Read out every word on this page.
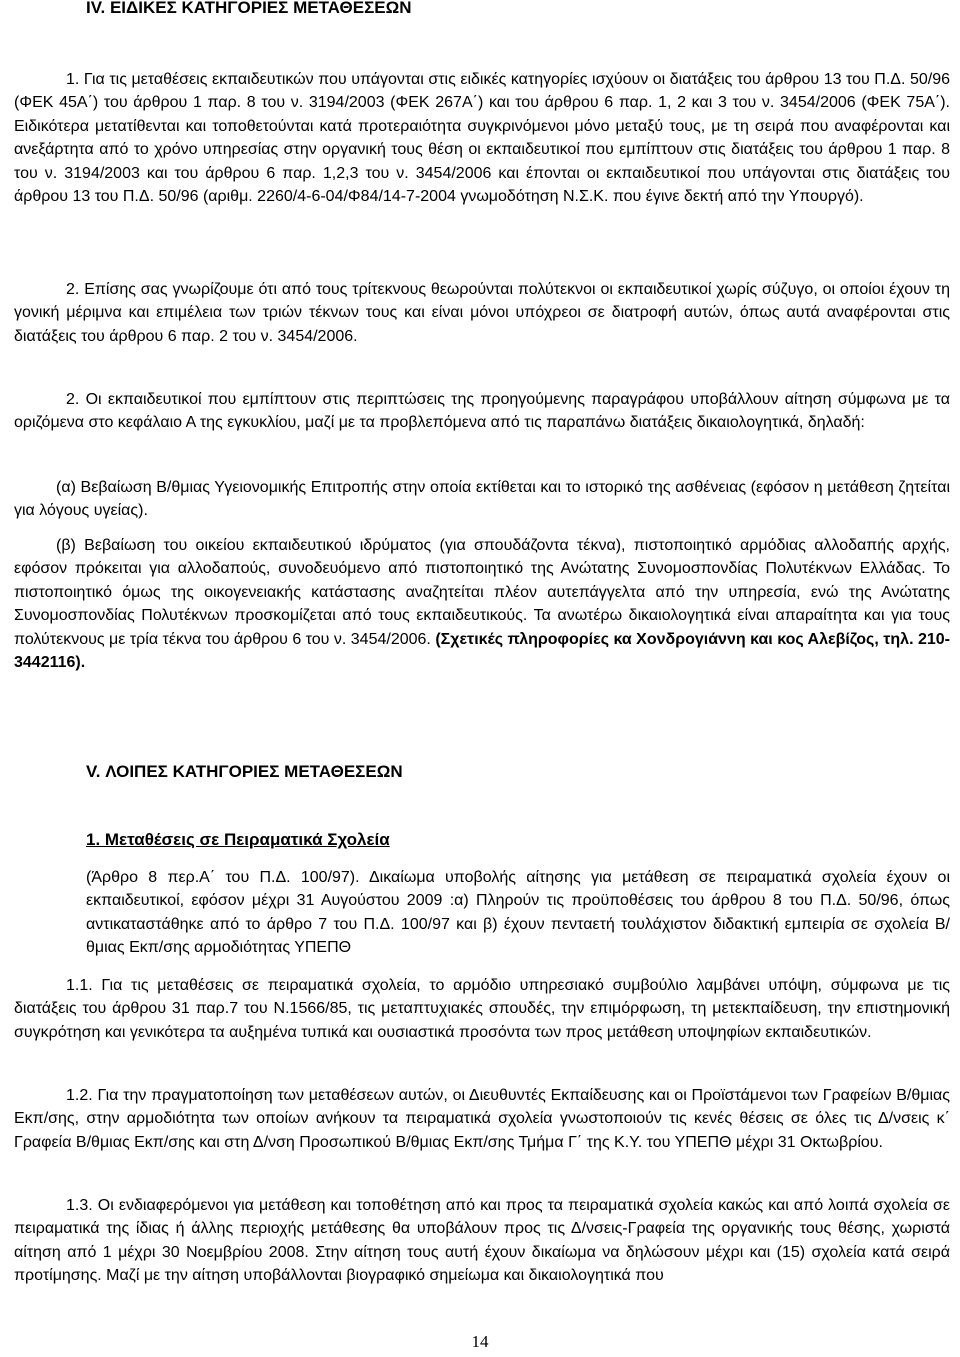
IV. ΕΙΔΙΚΕΣ ΚΑΤΗΓΟΡΙΕΣ ΜΕΤΑΘΕΣΕΩΝ

1. Για τις μεταθέσεις εκπαιδευτικών που υπάγονται στις ειδικές κατηγορίες ισχύουν οι διατάξεις του άρθρου 13 του Π.Δ. 50/96 (ΦΕΚ 45Α΄) του άρθρου 1 παρ. 8 του ν. 3194/2003 (ΦΕΚ 267Α΄) και του άρθρου 6 παρ. 1, 2 και 3 του ν. 3454/2006 (ΦΕΚ 75Α΄). Ειδικότερα μετατίθενται και τοποθετούνται κατά προτεραιότητα συγκρινόμενοι μόνο μεταξύ τους, με τη σειρά που αναφέρονται και ανεξάρτητα από το χρόνο υπηρεσίας στην οργανική τους θέση οι εκπαιδευτικοί που εμπίπτουν στις διατάξεις του άρθρου 1 παρ. 8 του ν. 3194/2003 και του άρθρου 6 παρ. 1,2,3 του ν. 3454/2006 και έπονται οι εκπαιδευτικοί που υπάγονται στις διατάξεις του άρθρου 13 του Π.Δ. 50/96 (αριθμ. 2260/4-6-04/Φ84/14-7-2004 γνωμοδότηση Ν.Σ.Κ. που έγινε δεκτή από την Υπουργό).

2. Επίσης σας γνωρίζουμε ότι από τους τρίτεκνους θεωρούνται πολύτεκνοι οι εκπαιδευτικοί χωρίς σύζυγο, οι οποίοι έχουν τη γονική μέριμνα και επιμέλεια των τριών τέκνων τους και είναι μόνοι υπόχρεοι σε διατροφή αυτών, όπως αυτά αναφέρονται στις διατάξεις του άρθρου 6 παρ. 2 του ν. 3454/2006.

2. Οι εκπαιδευτικοί που εμπίπτουν στις περιπτώσεις της προηγούμενης παραγράφου υποβάλλουν αίτηση σύμφωνα με τα οριζόμενα στο κεφάλαιο Α της εγκυκλίου, μαζί με τα προβλεπόμενα από τις παραπάνω διατάξεις δικαιολογητικά, δηλαδή:

(α) Βεβαίωση Β/θμιας Υγειονομικής Επιτροπής στην οποία εκτίθεται και το ιστορικό της ασθένειας (εφόσον η μετάθεση ζητείται για λόγους υγείας).

(β) Βεβαίωση του οικείου εκπαιδευτικού ιδρύματος (για σπουδάζοντα τέκνα), πιστοποιητικό αρμόδιας αλλοδαπής αρχής, εφόσον πρόκειται για αλλοδαπούς, συνοδευόμενο από πιστοποιητικό της Ανώτατης Συνομοσπονδίας Πολυτέκνων Ελλάδας. Το πιστοποιητικό όμως της οικογενειακής κατάστασης αναζητείται πλέον αυτεπάγγελτα από την υπηρεσία, ενώ της Ανώτατης Συνομοσπονδίας Πολυτέκνων προσκομίζεται από τους εκπαιδευτικούς. Τα ανωτέρω δικαιολογητικά είναι απαραίτητα και για τους πολύτεκνους με τρία τέκνα του άρθρου 6 του ν. 3454/2006. (Σχετικές πληροφορίες κα Χονδρογιάννη και κος Αλεβίζος, τηλ. 210-3442116).

V. ΛΟΙΠΕΣ ΚΑΤΗΓΟΡΙΕΣ ΜΕΤΑΘΕΣΕΩΝ
1. Μεταθέσεις σε Πειραματικά Σχολεία

(Άρθρο 8 περ.Α΄ του Π.Δ. 100/97). Δικαίωμα υποβολής αίτησης για μετάθεση σε πειραματικά σχολεία έχουν οι εκπαιδευτικοί, εφόσον μέχρι 31 Αυγούστου 2009 :α) Πληρούν τις προϋποθέσεις του άρθρου 8 του Π.Δ. 50/96, όπως αντικαταστάθηκε από το άρθρο 7 του Π.Δ. 100/97 και β) έχουν πενταετή τουλάχιστον διδακτική εμπειρία σε σχολεία Β/θμιας Εκπ/σης αρμοδιότητας ΥΠΕΠΘ

1.1. Για τις μεταθέσεις σε πειραματικά σχολεία, το αρμόδιο υπηρεσιακό συμβούλιο λαμβάνει υπόψη, σύμφωνα με τις διατάξεις του άρθρου 31 παρ.7 του Ν.1566/85, τις μεταπτυχιακές σπουδές, την επιμόρφωση, τη μετεκπαίδευση, την επιστημονική συγκρότηση και γενικότερα τα αυξημένα τυπικά και ουσιαστικά προσόντα των προς μετάθεση υποψηφίων εκπαιδευτικών.

1.2. Για την πραγματοποίηση των μεταθέσεων αυτών, οι Διευθυντές Εκπαίδευσης και οι Προϊστάμενοι των Γραφείων Β/θμιας Εκπ/σης, στην αρμοδιότητα των οποίων ανήκουν τα πειραματικά σχολεία γνωστοποιούν τις κενές θέσεις σε όλες τις Δ/νσεις κ΄ Γραφεία Β/θμιας Εκπ/σης και στη Δ/νση Προσωπικού Β/θμιας Εκπ/σης Τμήμα Γ΄ της Κ.Υ. του ΥΠΕΠΘ μέχρι 31 Οκτωβρίου.

1.3. Οι ενδιαφερόμενοι για μετάθεση και τοποθέτηση από και προς τα πειραματικά σχολεία κακώς και από λοιπά σχολεία σε πειραματικά της ίδιας ή άλλης περιοχής μετάθεσης θα υποβάλουν προς τις Δ/νσεις-Γραφεία της οργανικής τους θέσης, χωριστά αίτηση από 1 μέχρι 30 Νοεμβρίου 2008. Στην αίτηση τους αυτή έχουν δικαίωμα να δηλώσουν μέχρι και (15) σχολεία κατά σειρά προτίμησης. Μαζί με την αίτηση υποβάλλονται βιογραφικό σημείωμα και δικαιολογητικά που

14
